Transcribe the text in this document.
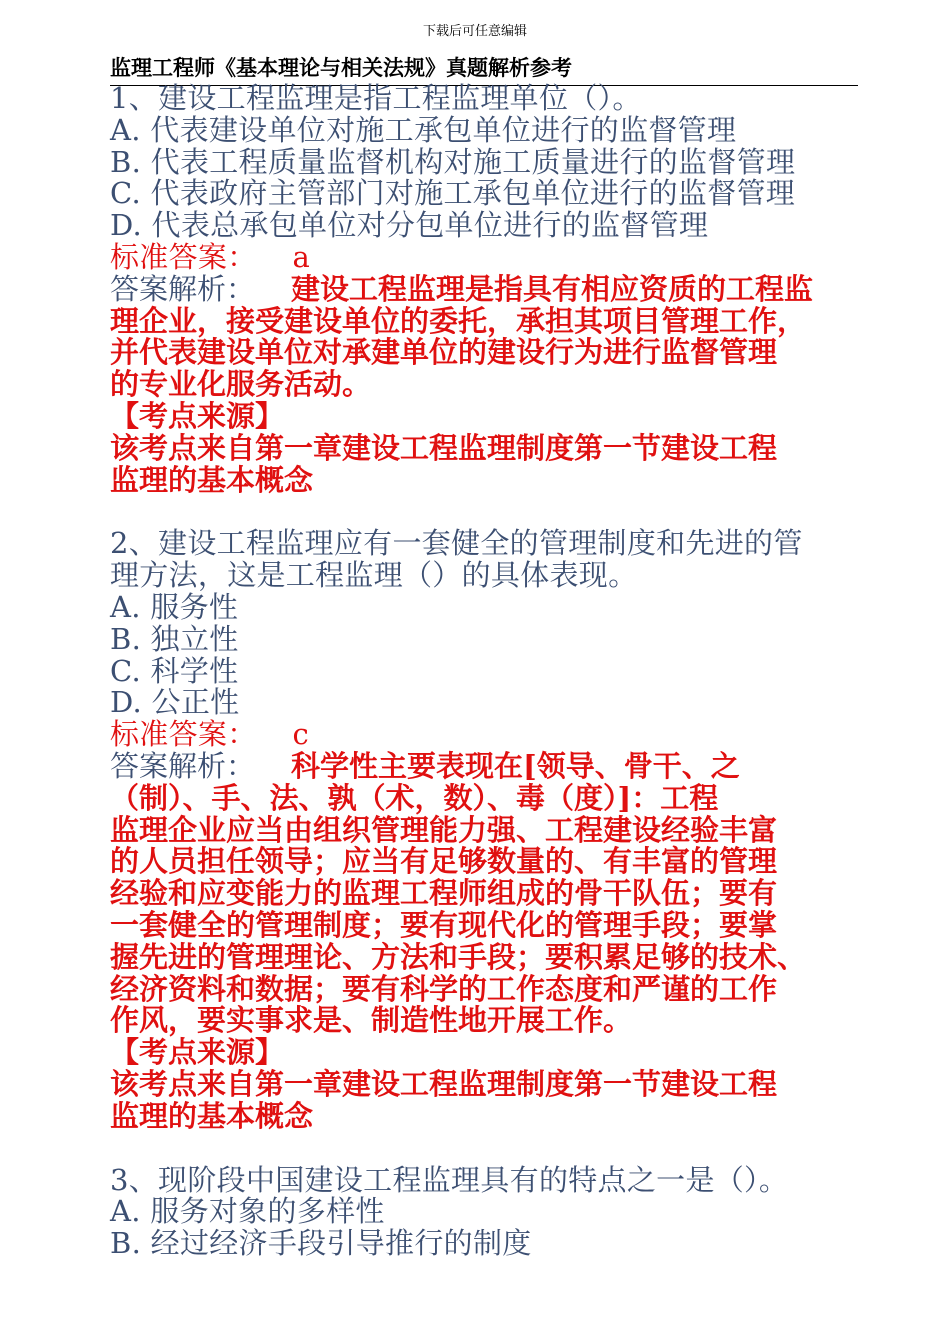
下载后可任意编辑
监理工程师《基本理论与相关法规》真题解析参考
1、建设工程监理是指工程监理单位（）。
A. 代表建设单位对施工承包单位进行的监督管理
B. 代表工程质量监督机构对施工质量进行的监督管理
C. 代表政府主管部门对施工承包单位进行的监督管理
D. 代表总承包单位对分包单位进行的监督管理
标准答案： a
答案解析： 建设工程监理是指具有相应资质的工程监
理企业，接受建设单位的委托，承担其项目管理工作，
并代表建设单位对承建单位的建设行为进行监督管理
的专业化服务活动。
【考点来源】
该考点来自第一章建设工程监理制度第一节建设工程
监理的基本概念
2、建设工程监理应有一套健全的管理制度和先进的管
理方法，这是工程监理（）的具体表现。
A. 服务性
B. 独立性
C. 科学性
D. 公正性
标准答案： c
答案解析： 科学性主要表现在[领导、骨干、之
（制）、手、法、孰（术，数）、毒（度）]：工程
监理企业应当由组织管理能力强、工程建设经验丰富
的人员担任领导；应当有足够数量的、有丰富的管理
经验和应变能力的监理工程师组成的骨干队伍；要有
一套健全的管理制度；要有现代化的管理手段；要掌
握先进的管理理论、方法和手段；要积累足够的技术、
经济资料和数据；要有科学的工作态度和严谨的工作
作风，要实事求是、制造性地开展工作。
【考点来源】
该考点来自第一章建设工程监理制度第一节建设工程
监理的基本概念
3、现阶段中国建设工程监理具有的特点之一是（）。
A. 服务对象的多样性
B. 经过经济手段引导推行的制度
